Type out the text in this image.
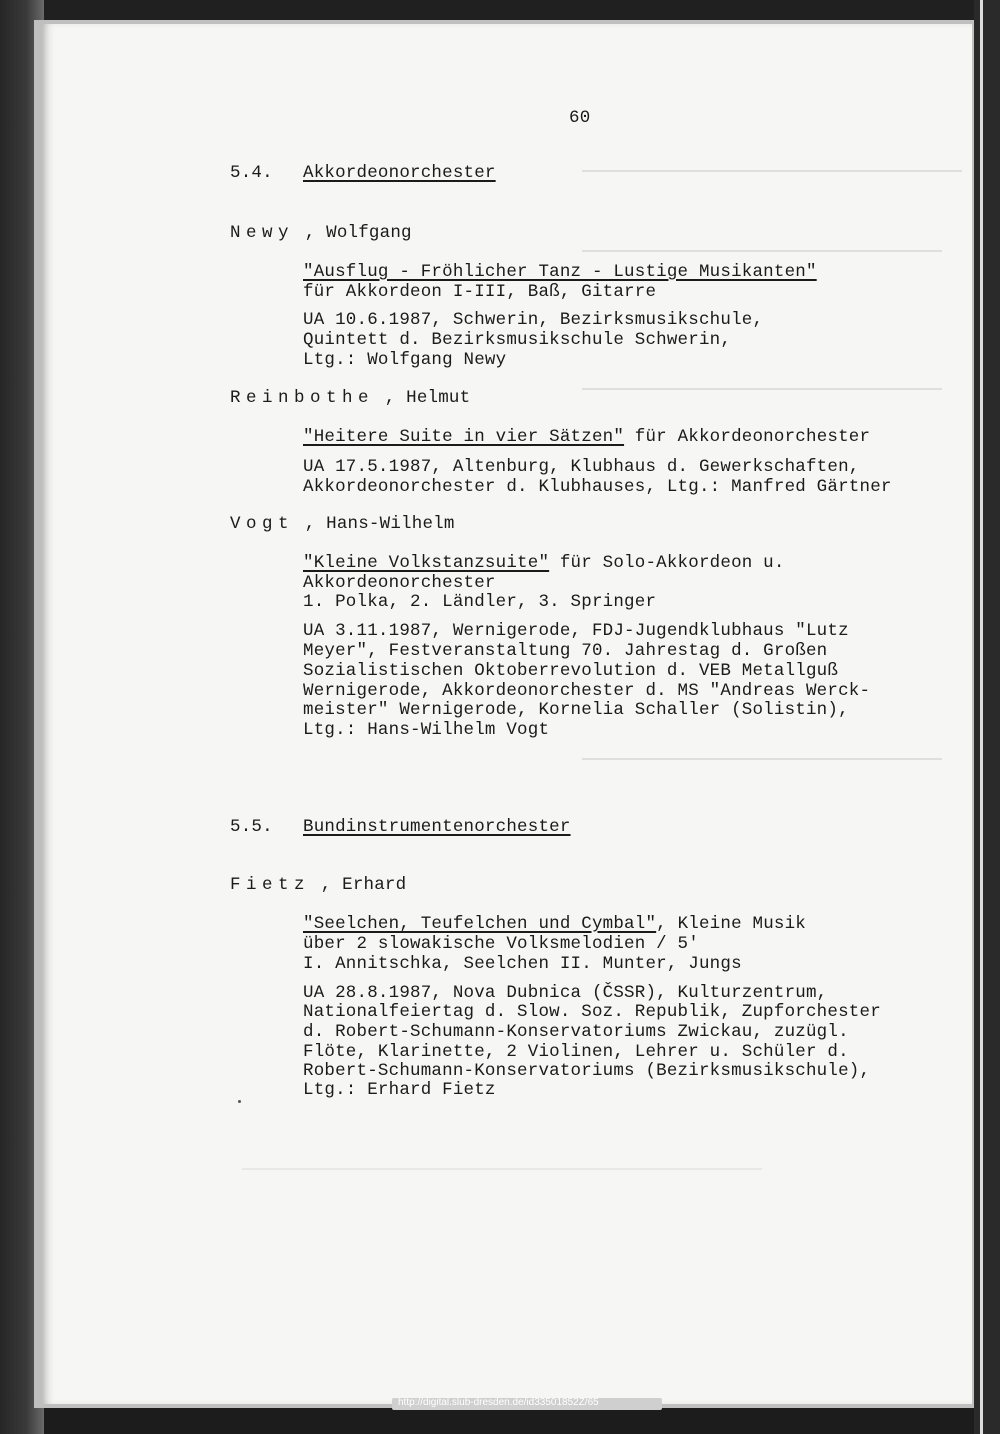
60
5.4. Akkordeonorchester
Newy , Wolfgang
"Ausflug - Fröhlicher Tanz - Lustige Musikanten"
für Akkordeon I-III, Baß, Gitarre
UA 10.6.1987, Schwerin, Bezirksmusikschule,
Quintett d. Bezirksmusikschule Schwerin,
Ltg.: Wolfgang Newy
Reinbothe , Helmut
"Heitere Suite in vier Sätzen" für Akkordeonorchester
UA 17.5.1987, Altenburg, Klubhaus d. Gewerkschaften,
Akkordeonorchester d. Klubhauses, Ltg.: Manfred Gärtner
Vogt , Hans-Wilhelm
"Kleine Volkstanzsuite" für Solo-Akkordeon u.
Akkordeonorchester
1. Polka, 2. Ländler, 3. Springer
UA 3.11.1987, Wernigerode, FDJ-Jugendklubhaus "Lutz
Meyer", Festveranstaltung 70. Jahrestag d. Großen
Sozialistischen Oktoberrevolution d. VEB Metallguß
Wernigerode, Akkordeonorchester d. MS "Andreas Werck-
meister" Wernigerode, Kornelia Schaller (Solistin),
Ltg.: Hans-Wilhelm Vogt
5.5. Bundinstrumentenorchester
Fietz , Erhard
"Seelchen, Teufelchen und Cymbal", Kleine Musik
über 2 slowakische Volksmelodien / 5'
I. Annitschka, Seelchen II. Munter, Jungs
UA 28.8.1987, Nova Dubnica (ČSSR), Kulturzentrum,
Nationalfeiertag d. Slow. Soz. Republik, Zupforchester
d. Robert-Schumann-Konservatoriums Zwickau, zuzügl.
Flöte, Klarinette, 2 Violinen, Lehrer u. Schüler d.
Robert-Schumann-Konservatoriums (Bezirksmusikschule),
Ltg.: Erhard Fietz
http://digital.slub-dresden.de/id33501852Z/65
